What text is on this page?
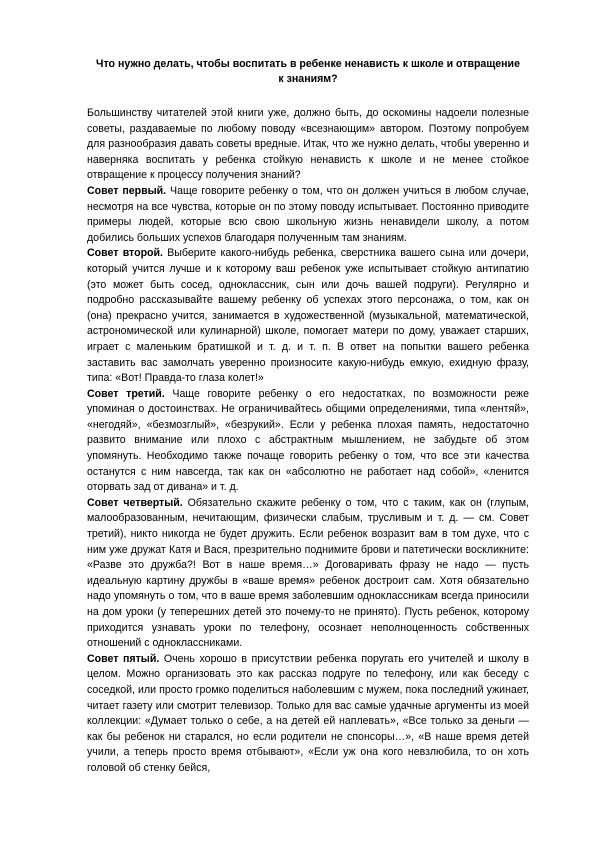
Что нужно делать, чтобы воспитать в ребенке ненависть к школе и отвращение к знаниям?

Большинству читателей этой книги уже, должно быть, до оскомины надоели полезные советы, раздаваемые по любому поводу «всезнающим» автором. Поэтому попробуем для разнообразия давать советы вредные. Итак, что же нужно делать, чтобы уверенно и наверняка воспитать у ребенка стойкую ненависть к школе и не менее стойкое отвращение к процессу получения знаний?

Совет первый. Чаще говорите ребенку о том, что он должен учиться в любом случае, несмотря на все чувства, которые он по этому поводу испытывает. Постоянно приводите примеры людей, которые всю свою школьную жизнь ненавидели школу, а потом добились больших успехов благодаря полученным там знаниям.

Совет второй. Выберите какого-нибудь ребенка, сверстника вашего сына или дочери, который учится лучше и к которому ваш ребенок уже испытывает стойкую антипатию (это может быть сосед, одноклассник, сын или дочь вашей подруги). Регулярно и подробно рассказывайте вашему ребенку об успехах этого персонажа, о том, как он (она) прекрасно учится, занимается в художественной (музыкальной, математической, астрономической или кулинарной) школе, помогает матери по дому, уважает старших, играет с маленьким братишкой и т. д. и т. п. В ответ на попытки вашего ребенка заставить вас замолчать уверенно произносите какую-нибудь емкую, ехидную фразу, типа: «Вот! Правда-то глаза колет!»

Совет третий. Чаще говорите ребенку о его недостатках, по возможности реже упоминая о достоинствах. Не ограничивайтесь общими определениями, типа «лентяй», «негодяй», «безмозглый», «безрукий». Если у ребенка плохая память, недостаточно развито внимание или плохо с абстрактным мышлением, не забудьте об этом упомянуть. Необходимо также почаще говорить ребенку о том, что все эти качества останутся с ним навсегда, так как он «абсолютно не работает над собой», «ленится оторвать зад от дивана» и т. д.

Совет четвертый. Обязательно скажите ребенку о том, что с таким, как он (глупым, малообразованным, нечитающим, физически слабым, трусливым и т. д. — см. Совет третий), никто никогда не будет дружить. Если ребенок возразит вам в том духе, что с ним уже дружат Катя и Вася, презрительно поднимите брови и патетически воскликните: «Разве это дружба?! Вот в наше время…» Договаривать фразу не надо — пусть идеальную картину дружбы в «ваше время» ребенок достроит сам. Хотя обязательно надо упомянуть о том, что в ваше время заболевшим одноклассникам всегда приносили на дом уроки (у теперешних детей это почему-то не принято). Пусть ребенок, которому приходится узнавать уроки по телефону, осознает неполноценность собственных отношений с одноклассниками.

Совет пятый. Очень хорошо в присутствии ребенка поругать его учителей и школу в целом. Можно организовать это как рассказ подруге по телефону, или как беседу с соседкой, или просто громко поделиться наболевшим с мужем, пока последний ужинает, читает газету или смотрит телевизор. Только для вас самые удачные аргументы из моей коллекции: «Думает только о себе, а на детей ей наплевать», «Все только за деньги — как бы ребенок ни старался, но если родители не спонсоры…», «В наше время детей учили, а теперь просто время отбывают», «Если уж она кого невзлюбила, то он хоть головой об стенку бейся,
